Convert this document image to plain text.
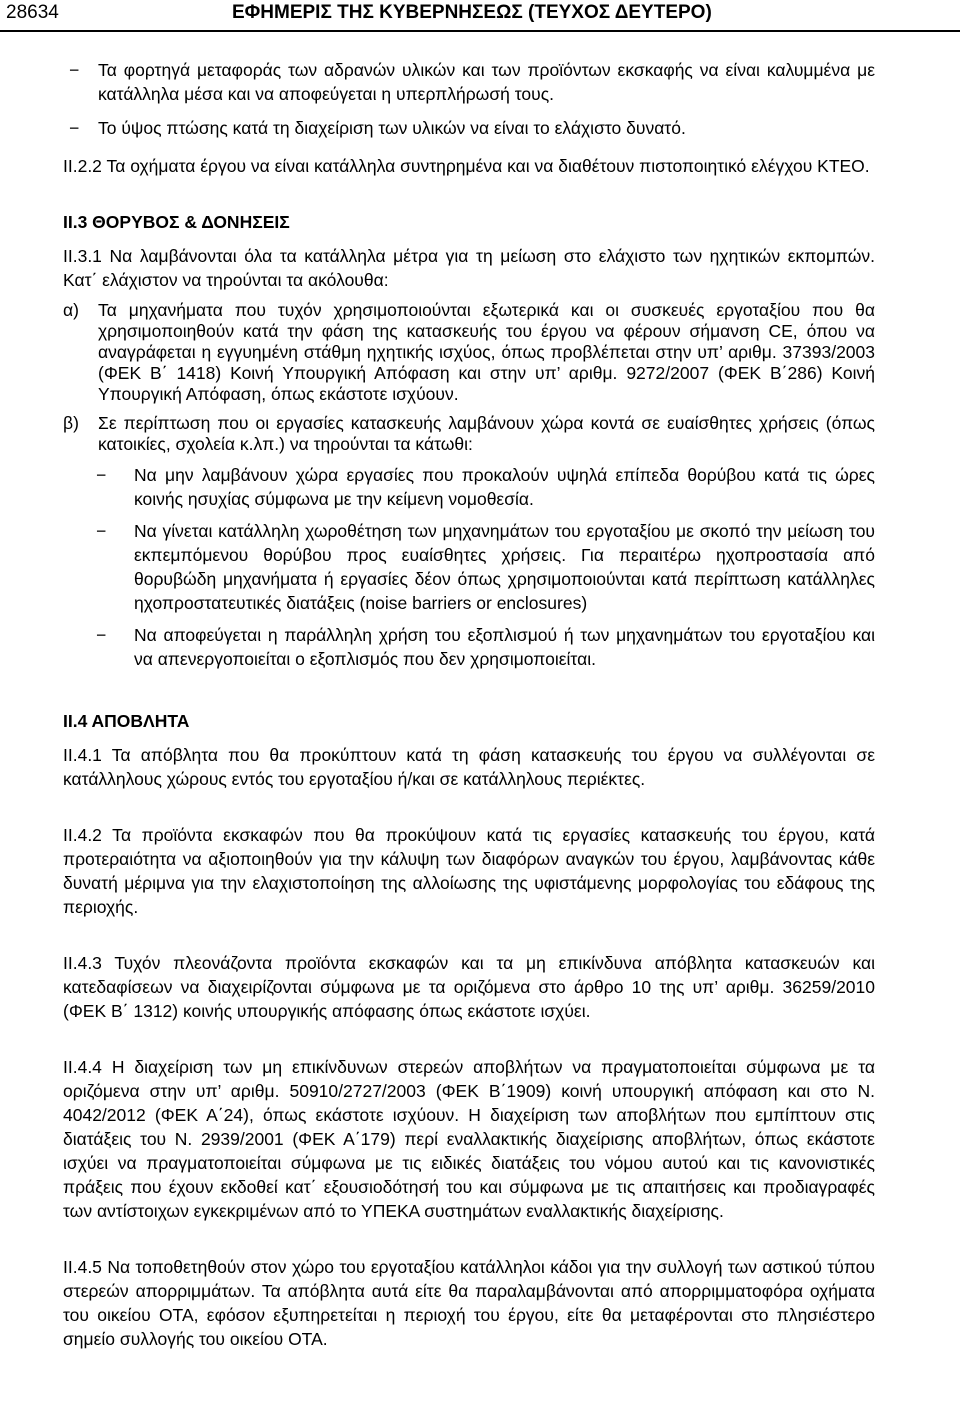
28634	ΕΦΗΜΕΡΙΣ ΤΗΣ ΚΥΒΕΡΝΗΣΕΩΣ (ΤΕΥΧΟΣ ΔΕΥΤΕΡΟ)
− Τα φορτηγά μεταφοράς των αδρανών υλικών και των προϊόντων εκσκαφής να είναι καλυμμένα με κατάλληλα μέσα και να αποφεύγεται η υπερπλήρωσή τους.
− Το ύψος πτώσης κατά τη διαχείριση των υλικών να είναι το ελάχιστο δυνατό.

ΙΙ.2.2 Τα οχήματα έργου να είναι κατάλληλα συντηρημένα και να διαθέτουν πιστοποιητικό ελέγχου ΚΤΕΟ.

ΙΙ.3 ΘΟΡΥΒΟΣ & ΔΟΝΗΣΕΙΣ

ΙΙ.3.1 Να λαμβάνονται όλα τα κατάλληλα μέτρα για τη μείωση στο ελάχιστο των ηχητικών εκπομπών. Κατ΄ ελάχιστον να τηρούνται τα ακόλουθα:

α) Τα μηχανήματα που τυχόν χρησιμοποιούνται εξωτερικά και οι συσκευές εργοταξίου που θα χρησιμοποιηθούν κατά την φάση της κατασκευής του έργου να φέρουν σήμανση CE, όπου να αναγράφεται η εγγυημένη στάθμη ηχητικής ισχύος, όπως προβλέπεται στην υπ’ αριθμ. 37393/2003 (ΦΕΚ Β΄ 1418) Κοινή Υπουργική Απόφαση και στην υπ’ αριθμ. 9272/2007 (ΦΕΚ Β΄286) Κοινή Υπουργική Απόφαση, όπως εκάστοτε ισχύουν.
β) Σε περίπτωση που οι εργασίες κατασκευής λαμβάνουν χώρα κοντά σε ευαίσθητες χρήσεις (όπως κατοικίες, σχολεία κ.λπ.) να τηρούνται τα κάτωθι:
− Να μην λαμβάνουν χώρα εργασίες που προκαλούν υψηλά επίπεδα θορύβου κατά τις ώρες κοινής ησυχίας σύμφωνα με την κείμενη νομοθεσία.
− Να γίνεται κατάλληλη χωροθέτηση των μηχανημάτων του εργοταξίου με σκοπό την μείωση του εκπεμπόμενου θορύβου προς ευαίσθητες χρήσεις. Για περαιτέρω ηχοπροστασία από θορυβώδη μηχανήματα ή εργασίες δέον όπως χρησιμοποιούνται κατά περίπτωση κατάλληλες ηχοπροστατευτικές διατάξεις (noise barriers or enclosures)
− Να αποφεύγεται η παράλληλη χρήση του εξοπλισμού ή των μηχανημάτων του εργοταξίου και να απενεργοποιείται ο εξοπλισμός που δεν χρησιμοποιείται.

ΙΙ.4 ΑΠΟΒΛΗΤΑ

ΙΙ.4.1 Τα απόβλητα που θα προκύπτουν κατά τη φάση κατασκευής του έργου να συλλέγονται σε κατάλληλους χώρους εντός του εργοταξίου ή/και σε κατάλληλους περιέκτες.

ΙΙ.4.2 Τα προϊόντα εκσκαφών που θα προκύψουν κατά τις εργασίες κατασκευής του έργου, κατά προτεραιότητα να αξιοποιηθούν για την κάλυψη των διαφόρων αναγκών του έργου, λαμβάνοντας κάθε δυνατή μέριμνα για την ελαχιστοποίηση της αλλοίωσης της υφιστάμενης μορφολογίας του εδάφους της περιοχής.

ΙΙ.4.3 Τυχόν πλεονάζοντα προϊόντα εκσκαφών και τα μη επικίνδυνα απόβλητα κατασκευών και κατεδαφίσεων να διαχειρίζονται σύμφωνα με τα οριζόμενα στο άρθρο 10 της υπ’ αριθμ. 36259/2010 (ΦΕΚ Β΄ 1312) κοινής υπουργικής απόφασης όπως εκάστοτε ισχύει.

ΙΙ.4.4 Η διαχείριση των μη επικίνδυνων στερεών αποβλήτων να πραγματοποιείται σύμφωνα με τα οριζόμενα στην υπ’ αριθμ. 50910/2727/2003 (ΦΕΚ Β΄1909) κοινή υπουργική απόφαση και στο Ν. 4042/2012 (ΦΕΚ Α΄24), όπως εκάστοτε ισχύουν. Η διαχείριση των αποβλήτων που εμπίπτουν στις διατάξεις του Ν. 2939/2001 (ΦΕΚ Α΄179) περί εναλλακτικής διαχείρισης αποβλήτων, όπως εκάστοτε ισχύει να πραγματοποιείται σύμφωνα με τις ειδικές διατάξεις του νόμου αυτού και τις κανονιστικές πράξεις που έχουν εκδοθεί κατ΄ εξουσιοδότησή του και σύμφωνα με τις απαιτήσεις και προδιαγραφές των αντίστοιχων εγκεκριμένων από το ΥΠΕΚΑ συστημάτων εναλλακτικής διαχείρισης.

ΙΙ.4.5 Να τοποθετηθούν στον χώρο του εργοταξίου κατάλληλοι κάδοι για την συλλογή των αστικού τύπου στερεών απορριμμάτων. Τα απόβλητα αυτά είτε θα παραλαμβάνονται από απορριμματοφόρα οχήματα του οικείου ΟΤΑ, εφόσον εξυπηρετείται η περιοχή του έργου, είτε θα μεταφέρονται στο πλησιέστερο σημείο συλλογής του οικείου ΟΤΑ.
